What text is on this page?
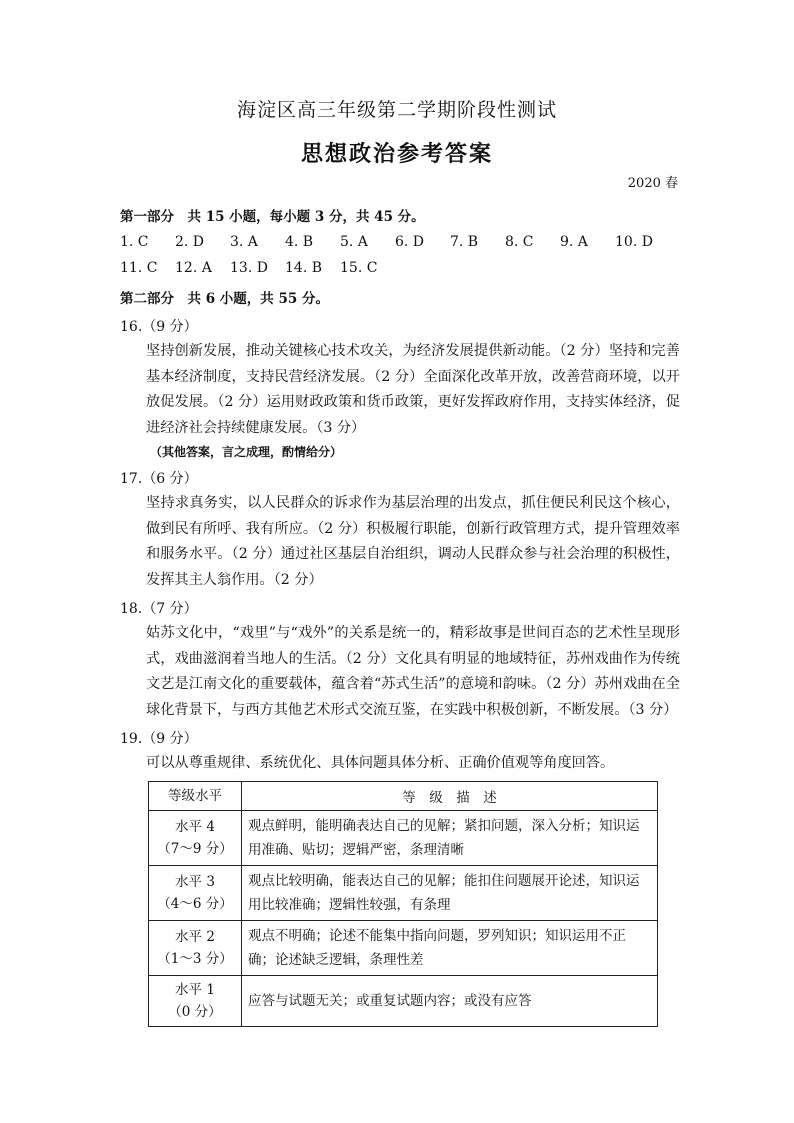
海淀区高三年级第二学期阶段性测试
思想政治参考答案
2020 春
第一部分　共 15 小题，每小题 3 分，共 45 分。
1. C	2. D	3. A	4. B	5. A	6. D	7. B	8. C	9. A	10. D
11. C	12. A	13. D	14. B	15. C
第二部分　共 6 小题，共 55 分。
16.（9 分）
坚持创新发展，推动关键核心技术攻关，为经济发展提供新动能。（2 分）坚持和完善基本经济制度，支持民营经济发展。（2 分）全面深化改革开放，改善营商环境，以开放促发展。（2 分）运用财政政策和货币政策，更好发挥政府作用，支持实体经济，促进经济社会持续健康发展。（3 分）
（其他答案，言之成理，酌情给分）
17.（6 分）
坚持求真务实，以人民群众的诉求作为基层治理的出发点，抓住便民利民这个核心，做到民有所呼、我有所应。（2 分）积极履行职能，创新行政管理方式，提升管理效率和服务水平。（2 分）通过社区基层自治组织，调动人民群众参与社会治理的积极性，发挥其主人翁作用。（2 分）
18.（7 分）
姑苏文化中，“戏里”与“戏外”的关系是统一的，精彩故事是世间百态的艺术性呈现形式，戏曲滋润着当地人的生活。（2 分）文化具有明显的地域特征，苏州戏曲作为传统文艺是江南文化的重要载体，蕴含着“苏式生活”的意境和韵味。（2 分）苏州戏曲在全球化背景下，与西方其他艺术形式交流互鉴，在实践中积极创新，不断发展。（3 分）
19.（9 分）
可以从尊重规律、系统优化、具体问题具体分析、正确价值观等角度回答。
等级水平	等　级　描　述

水平 4
（7～9 分）	观点鲜明，能明确表达自己的见解；紧扣问题，深入分析；知识运用准确、贴切；逻辑严密，条理清晰

水平 3
（4～6 分）	观点比较明确，能表达自己的见解；能扣住问题展开论述，知识运用比较准确；逻辑性较强，有条理

水平 2
（1～3 分）	观点不明确；论述不能集中指向问题，罗列知识；知识运用不正确；论述缺乏逻辑，条理性差

水平 1
（0 分）	应答与试题无关；或重复试题内容；或没有应答
